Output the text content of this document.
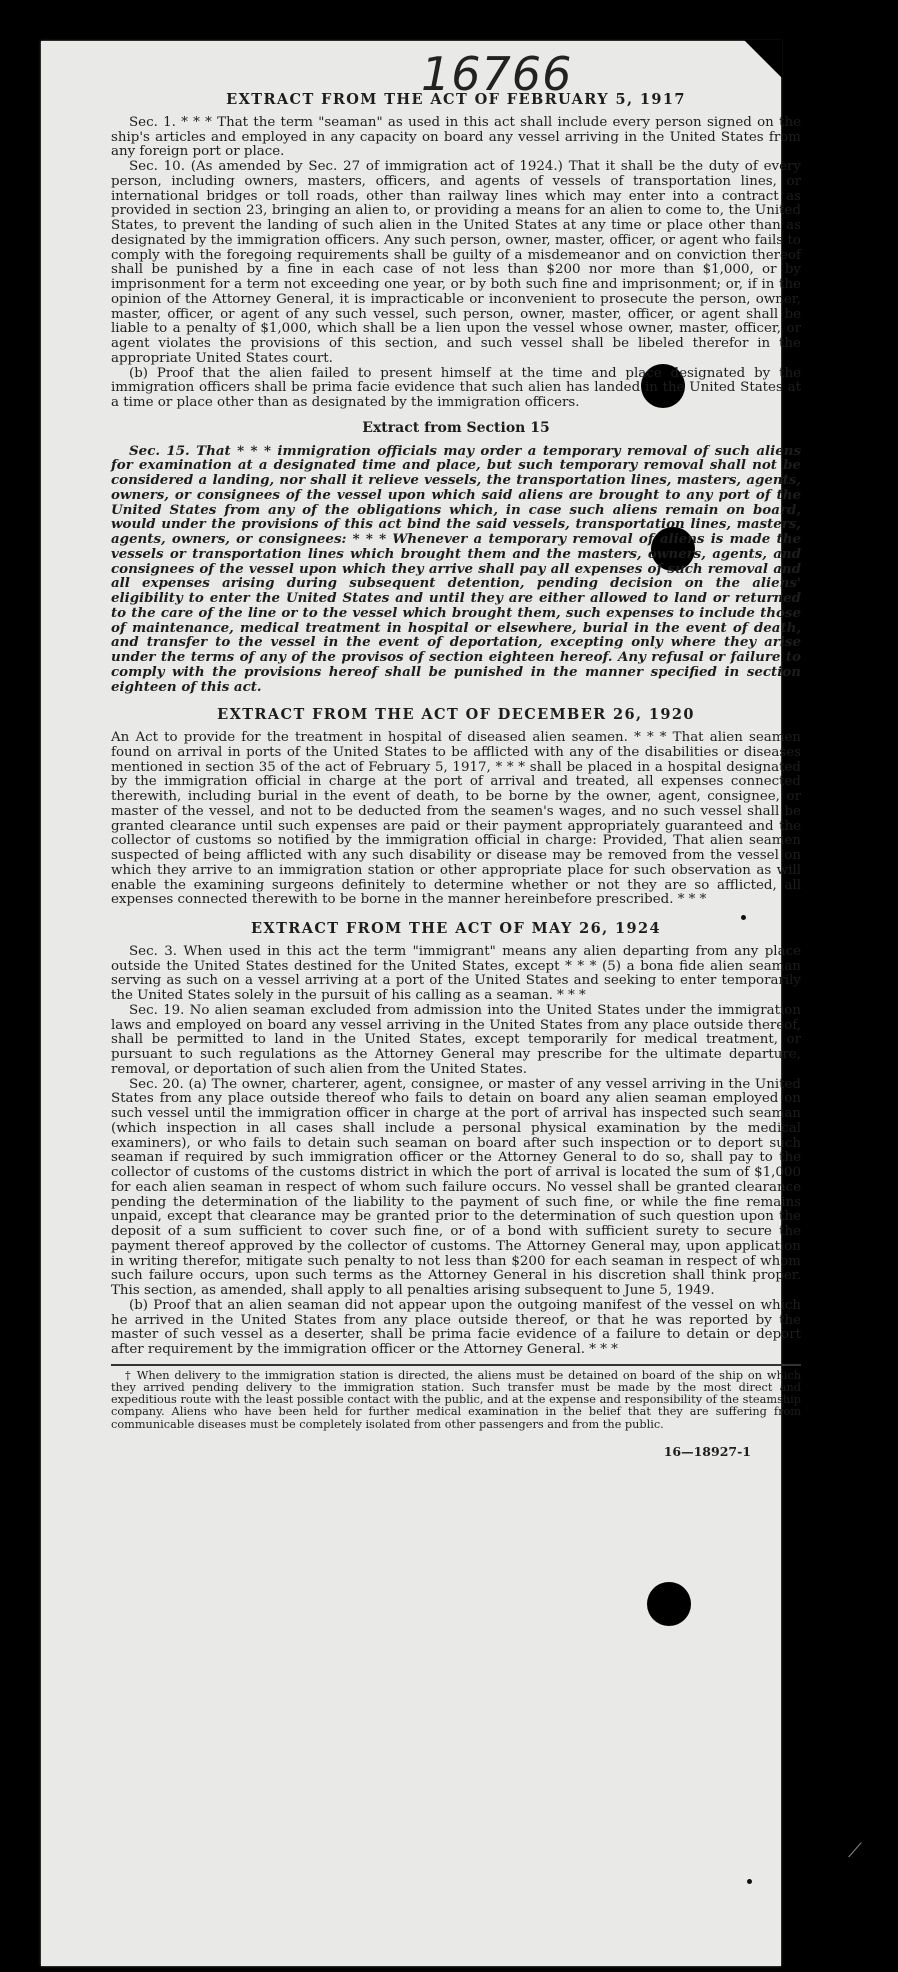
16766
EXTRACT FROM THE ACT OF FEBRUARY 5, 1917

Sec. 1. * * * That the term "seaman" as used in this act shall include every person signed on the ship's articles and employed in any capacity on board any vessel arriving in the United States from any foreign port or place.

Sec. 10. (As amended by Sec. 27 of immigration act of 1924.) That it shall be the duty of every person, including owners, masters, officers, and agents of vessels of transportation lines, or international bridges or toll roads, other than railway lines which may enter into a contract as provided in section 23, bringing an alien to, or providing a means for an alien to come to, the United States, to prevent the landing of such alien in the United States at any time or place other than as designated by the immigration officers. Any such person, owner, master, officer, or agent who fails to comply with the foregoing requirements shall be guilty of a misdemeanor and on conviction thereof shall be punished by a fine in each case of not less than $200 nor more than $1,000, or by imprisonment for a term not exceeding one year, or by both such fine and imprisonment; or, if in the opinion of the Attorney General, it is impracticable or inconvenient to prosecute the person, owner, master, officer, or agent of any such vessel, such person, owner, master, officer, or agent shall be liable to a penalty of $1,000, which shall be a lien upon the vessel whose owner, master, officer, or agent violates the provisions of this section, and such vessel shall be libeled therefor in the appropriate United States court.

(b) Proof that the alien failed to present himself at the time and place designated by the immigration officers shall be prima facie evidence that such alien has landed in the United States at a time or place other than as designated by the immigration officers.

Extract from Section 15

Sec. 15. That * * * immigration officials may order a temporary removal of such aliens for examination at a designated time and place, but such temporary removal shall not be considered a landing, nor shall it relieve vessels, the transportation lines, masters, agents, owners, or consignees of the vessel upon which said aliens are brought to any port of the United States from any of the obligations which, in case such aliens remain on board, would under the provisions of this act bind the said vessels, transportation lines, masters, agents, owners, or consignees: * * * Whenever a temporary removal of aliens is made the vessels or transportation lines which brought them and the masters, owners, agents, and consignees of the vessel upon which they arrive shall pay all expenses of such removal and all expenses arising during subsequent detention, pending decision on the aliens' eligibility to enter the United States and until they are either allowed to land or returned to the care of the line or to the vessel which brought them, such expenses to include those of maintenance, medical treatment in hospital or elsewhere, burial in the event of death, and transfer to the vessel in the event of deportation, excepting only where they arise under the terms of any of the provisos of section eighteen hereof. Any refusal or failure to comply with the provisions hereof shall be punished in the manner specified in section eighteen of this act.

EXTRACT FROM THE ACT OF DECEMBER 26, 1920

An Act to provide for the treatment in hospital of diseased alien seamen. * * * That alien seamen found on arrival in ports of the United States to be afflicted with any of the disabilities or diseases mentioned in section 35 of the act of February 5, 1917, * * * shall be placed in a hospital designated by the immigration official in charge at the port of arrival and treated, all expenses connected therewith, including burial in the event of death, to be borne by the owner, agent, consignee, or master of the vessel, and not to be deducted from the seamen's wages, and no such vessel shall be granted clearance until such expenses are paid or their payment appropriately guaranteed and the collector of customs so notified by the immigration official in charge: Provided, That alien seamen suspected of being afflicted with any such disability or disease may be removed from the vessel on which they arrive to an immigration station or other appropriate place for such observation as will enable the examining surgeons definitely to determine whether or not they are so afflicted, all expenses connected therewith to be borne in the manner hereinbefore prescribed. * * *

EXTRACT FROM THE ACT OF MAY 26, 1924

Sec. 3. When used in this act the term "immigrant" means any alien departing from any place outside the United States destined for the United States, except * * * (5) a bona fide alien seaman serving as such on a vessel arriving at a port of the United States and seeking to enter temporarily the United States solely in the pursuit of his calling as a seaman. * * *

Sec. 19. No alien seaman excluded from admission into the United States under the immigration laws and employed on board any vessel arriving in the United States from any place outside thereof, shall be permitted to land in the United States, except temporarily for medical treatment, or pursuant to such regulations as the Attorney General may prescribe for the ultimate departure, removal, or deportation of such alien from the United States.

Sec. 20. (a) The owner, charterer, agent, consignee, or master of any vessel arriving in the United States from any place outside thereof who fails to detain on board any alien seaman employed on such vessel until the immigration officer in charge at the port of arrival has inspected such seaman (which inspection in all cases shall include a personal physical examination by the medical examiners), or who fails to detain such seaman on board after such inspection or to deport such seaman if required by such immigration officer or the Attorney General to do so, shall pay to the collector of customs of the customs district in which the port of arrival is located the sum of $1,000 for each alien seaman in respect of whom such failure occurs. No vessel shall be granted clearance pending the determination of the liability to the payment of such fine, or while the fine remains unpaid, except that clearance may be granted prior to the determination of such question upon the deposit of a sum sufficient to cover such fine, or of a bond with sufficient surety to secure the payment thereof approved by the collector of customs. The Attorney General may, upon application in writing therefor, mitigate such penalty to not less than $200 for each seaman in respect of whom such failure occurs, upon such terms as the Attorney General in his discretion shall think proper. This section, as amended, shall apply to all penalties arising subsequent to June 5, 1949.

(b) Proof that an alien seaman did not appear upon the outgoing manifest of the vessel on which he arrived in the United States from any place outside thereof, or that he was reported by the master of such vessel as a deserter, shall be prima facie evidence of a failure to detain or deport after requirement by the immigration officer or the Attorney General. * * *

† When delivery to the immigration station is directed, the aliens must be detained on board of the ship on which they arrived pending delivery to the immigration station. Such transfer must be made by the most direct and expeditious route with the least possible contact with the public, and at the expense and responsibility of the steamship company. Aliens who have been held for further medical examination in the belief that they are suffering from communicable diseases must be completely isolated from other passengers and from the public.

16—18927-1
⟋
